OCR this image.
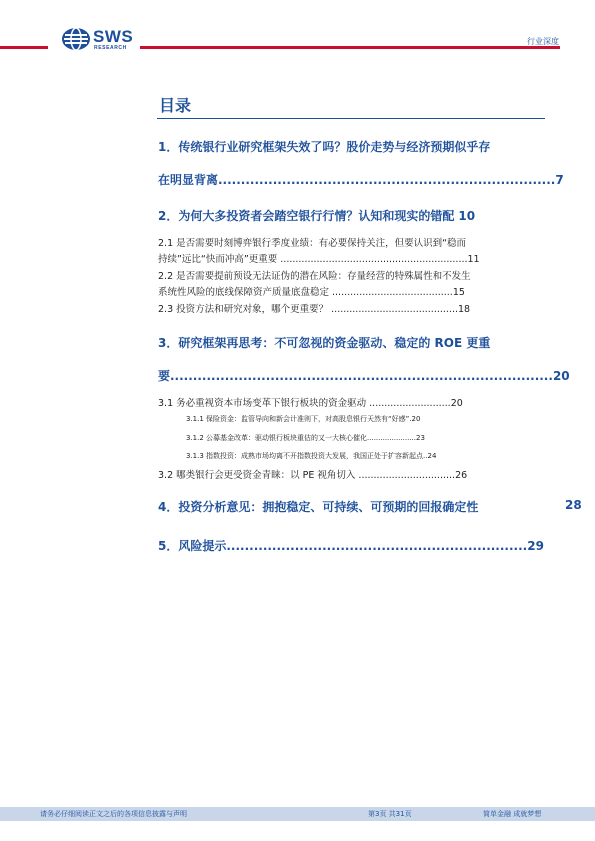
SWS
RESEARCH
行业深度
目录
1．传统银行业研究框架失效了吗？股价走势与经济预期似乎存
在明显背离..........................................................................7
2．为何大多投资者会踏空银行行情？认知和现实的错配 10
2.1 是否需要时刻博弈银行季度业绩：有必要保持关注，但要认识到“稳而
持续”远比“快而冲高”更重要 ..............................................................11
2.2 是否需要提前预设无法证伪的潜在风险：存量经营的特殊属性和不发生
系统性风险的底线保障资产质量底盘稳定 ........................................15
2.3 投资方法和研究对象，哪个更重要？ ..........................................18
3．研究框架再思考：不可忽视的资金驱动、稳定的 ROE 更重
要....................................................................................20
3.1 务必重视资本市场变革下银行板块的资金驱动 ...........................20
3.1.1 保险资金：监管导向和新会计准则下，对高股息银行天然有“好感”.20
3.1.2 公募基金改革：驱动银行板块重估的又一大核心催化......................23
3.1.3 指数投资：成熟市场均离不开指数投资大发展，我国正处于扩容新起点..24
3.2 哪类银行会更受资金青睐：以 PE 视角切入 ................................26
4．投资分析意见：拥抱稳定、可持续、可预期的回报确定性	28
5．风险提示..................................................................29
请务必仔细阅读正文之后的各项信息披露与声明	第3页 共31页	简单金融 成就梦想
